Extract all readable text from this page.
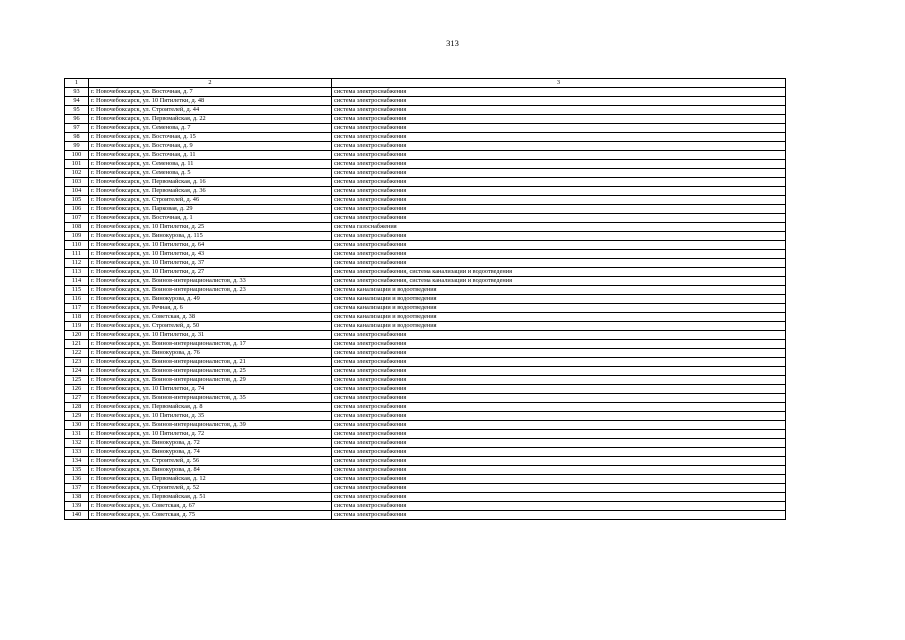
313
1	2	3
93	г. Новочебоксарск, ул. Восточная, д. 7	система электроснабжения
94	г. Новочебоксарск, ул. 10 Пятилетки, д. 48	система электроснабжения
95	г. Новочебоксарск, ул. Строителей, д. 44	система электроснабжения
96	г. Новочебоксарск, ул. Первомайская, д. 22	система электроснабжения
97	г. Новочебоксарск, ул. Семенова, д. 7	система электроснабжения
98	г. Новочебоксарск, ул. Восточная, д. 15	система электроснабжения
99	г. Новочебоксарск, ул. Восточная, д. 9	система электроснабжения
100	г. Новочебоксарск, ул. Восточная, д. 11	система электроснабжения
101	г. Новочебоксарск, ул. Семенова, д. 11	система электроснабжения
102	г. Новочебоксарск, ул. Семенова, д. 5	система электроснабжения
103	г. Новочебоксарск, ул. Первомайская, д. 16	система электроснабжения
104	г. Новочебоксарск, ул. Первомайская, д. 36	система электроснабжения
105	г. Новочебоксарск, ул. Строителей, д. 46	система электроснабжения
106	г. Новочебоксарск, ул. Парковая, д. 29	система электроснабжения
107	г. Новочебоксарск, ул. Восточная, д. 1	система электроснабжения
108	г. Новочебоксарск, ул. 10 Пятилетки, д. 25	система газоснабжения
109	г. Новочебоксарск, ул. Винокурова, д. 115	система электроснабжения
110	г. Новочебоксарск, ул. 10 Пятилетки, д. 64	система электроснабжения
111	г. Новочебоксарск, ул. 10 Пятилетки, д. 43	система электроснабжения
112	г. Новочебоксарск, ул. 10 Пятилетки, д. 37	система электроснабжения
113	г. Новочебоксарск, ул. 10 Пятилетки, д. 27	система электроснабжения, система канализации и водоотведения
114	г. Новочебоксарск, ул. Воинов-интернационалистов, д. 33	система электроснабжения, система канализации и водоотведения
115	г. Новочебоксарск, ул. Воинов-интернационалистов, д. 23	система канализации и водоотведения
116	г. Новочебоксарск, ул. Винокурова, д. 49	система канализации и водоотведения
117	г. Новочебоксарск, ул. Речная, д. 6	система канализации и водоотведения
118	г. Новочебоксарск, ул. Советская, д. 38	система канализации и водоотведения
119	г. Новочебоксарск, ул. Строителей, д. 50	система канализации и водоотведения
120	г. Новочебоксарск, ул. 10 Пятилетки, д. 31	система электроснабжения
121	г. Новочебоксарск, ул. Воинов-интернационалистов, д. 17	система электроснабжения
122	г. Новочебоксарск, ул. Винокурова, д. 76	система электроснабжения
123	г. Новочебоксарск, ул. Воинов-интернационалистов, д. 21	система электроснабжения
124	г. Новочебоксарск, ул. Воинов-интернационалистов, д. 25	система электроснабжения
125	г. Новочебоксарск, ул. Воинов-интернационалистов, д. 29	система электроснабжения
126	г. Новочебоксарск, ул. 10 Пятилетки, д. 74	система электроснабжения
127	г. Новочебоксарск, ул. Воинов-интернационалистов, д. 35	система электроснабжения
128	г. Новочебоксарск, ул. Первомайская, д. 8	система электроснабжения
129	г. Новочебоксарск, ул. 10 Пятилетки, д. 35	система электроснабжения
130	г. Новочебоксарск, ул. Воинов-интернационалистов, д. 39	система электроснабжения
131	г. Новочебоксарск, ул. 10 Пятилетки, д. 72	система электроснабжения
132	г. Новочебоксарск, ул. Винокурова, д. 72	система электроснабжения
133	г. Новочебоксарск, ул. Винокурова, д. 74	система электроснабжения
134	г. Новочебоксарск, ул. Строителей, д. 56	система электроснабжения
135	г. Новочебоксарск, ул. Винокурова, д. 84	система электроснабжения
136	г. Новочебоксарск, ул. Первомайская, д. 12	система электроснабжения
137	г. Новочебоксарск, ул. Строителей, д. 52	система электроснабжения
138	г. Новочебоксарск, ул. Первомайская, д. 51	система электроснабжения
139	г. Новочебоксарск, ул. Советская, д. 67	система электроснабжения
140	г. Новочебоксарск, ул. Советская, д. 75	система электроснабжения
